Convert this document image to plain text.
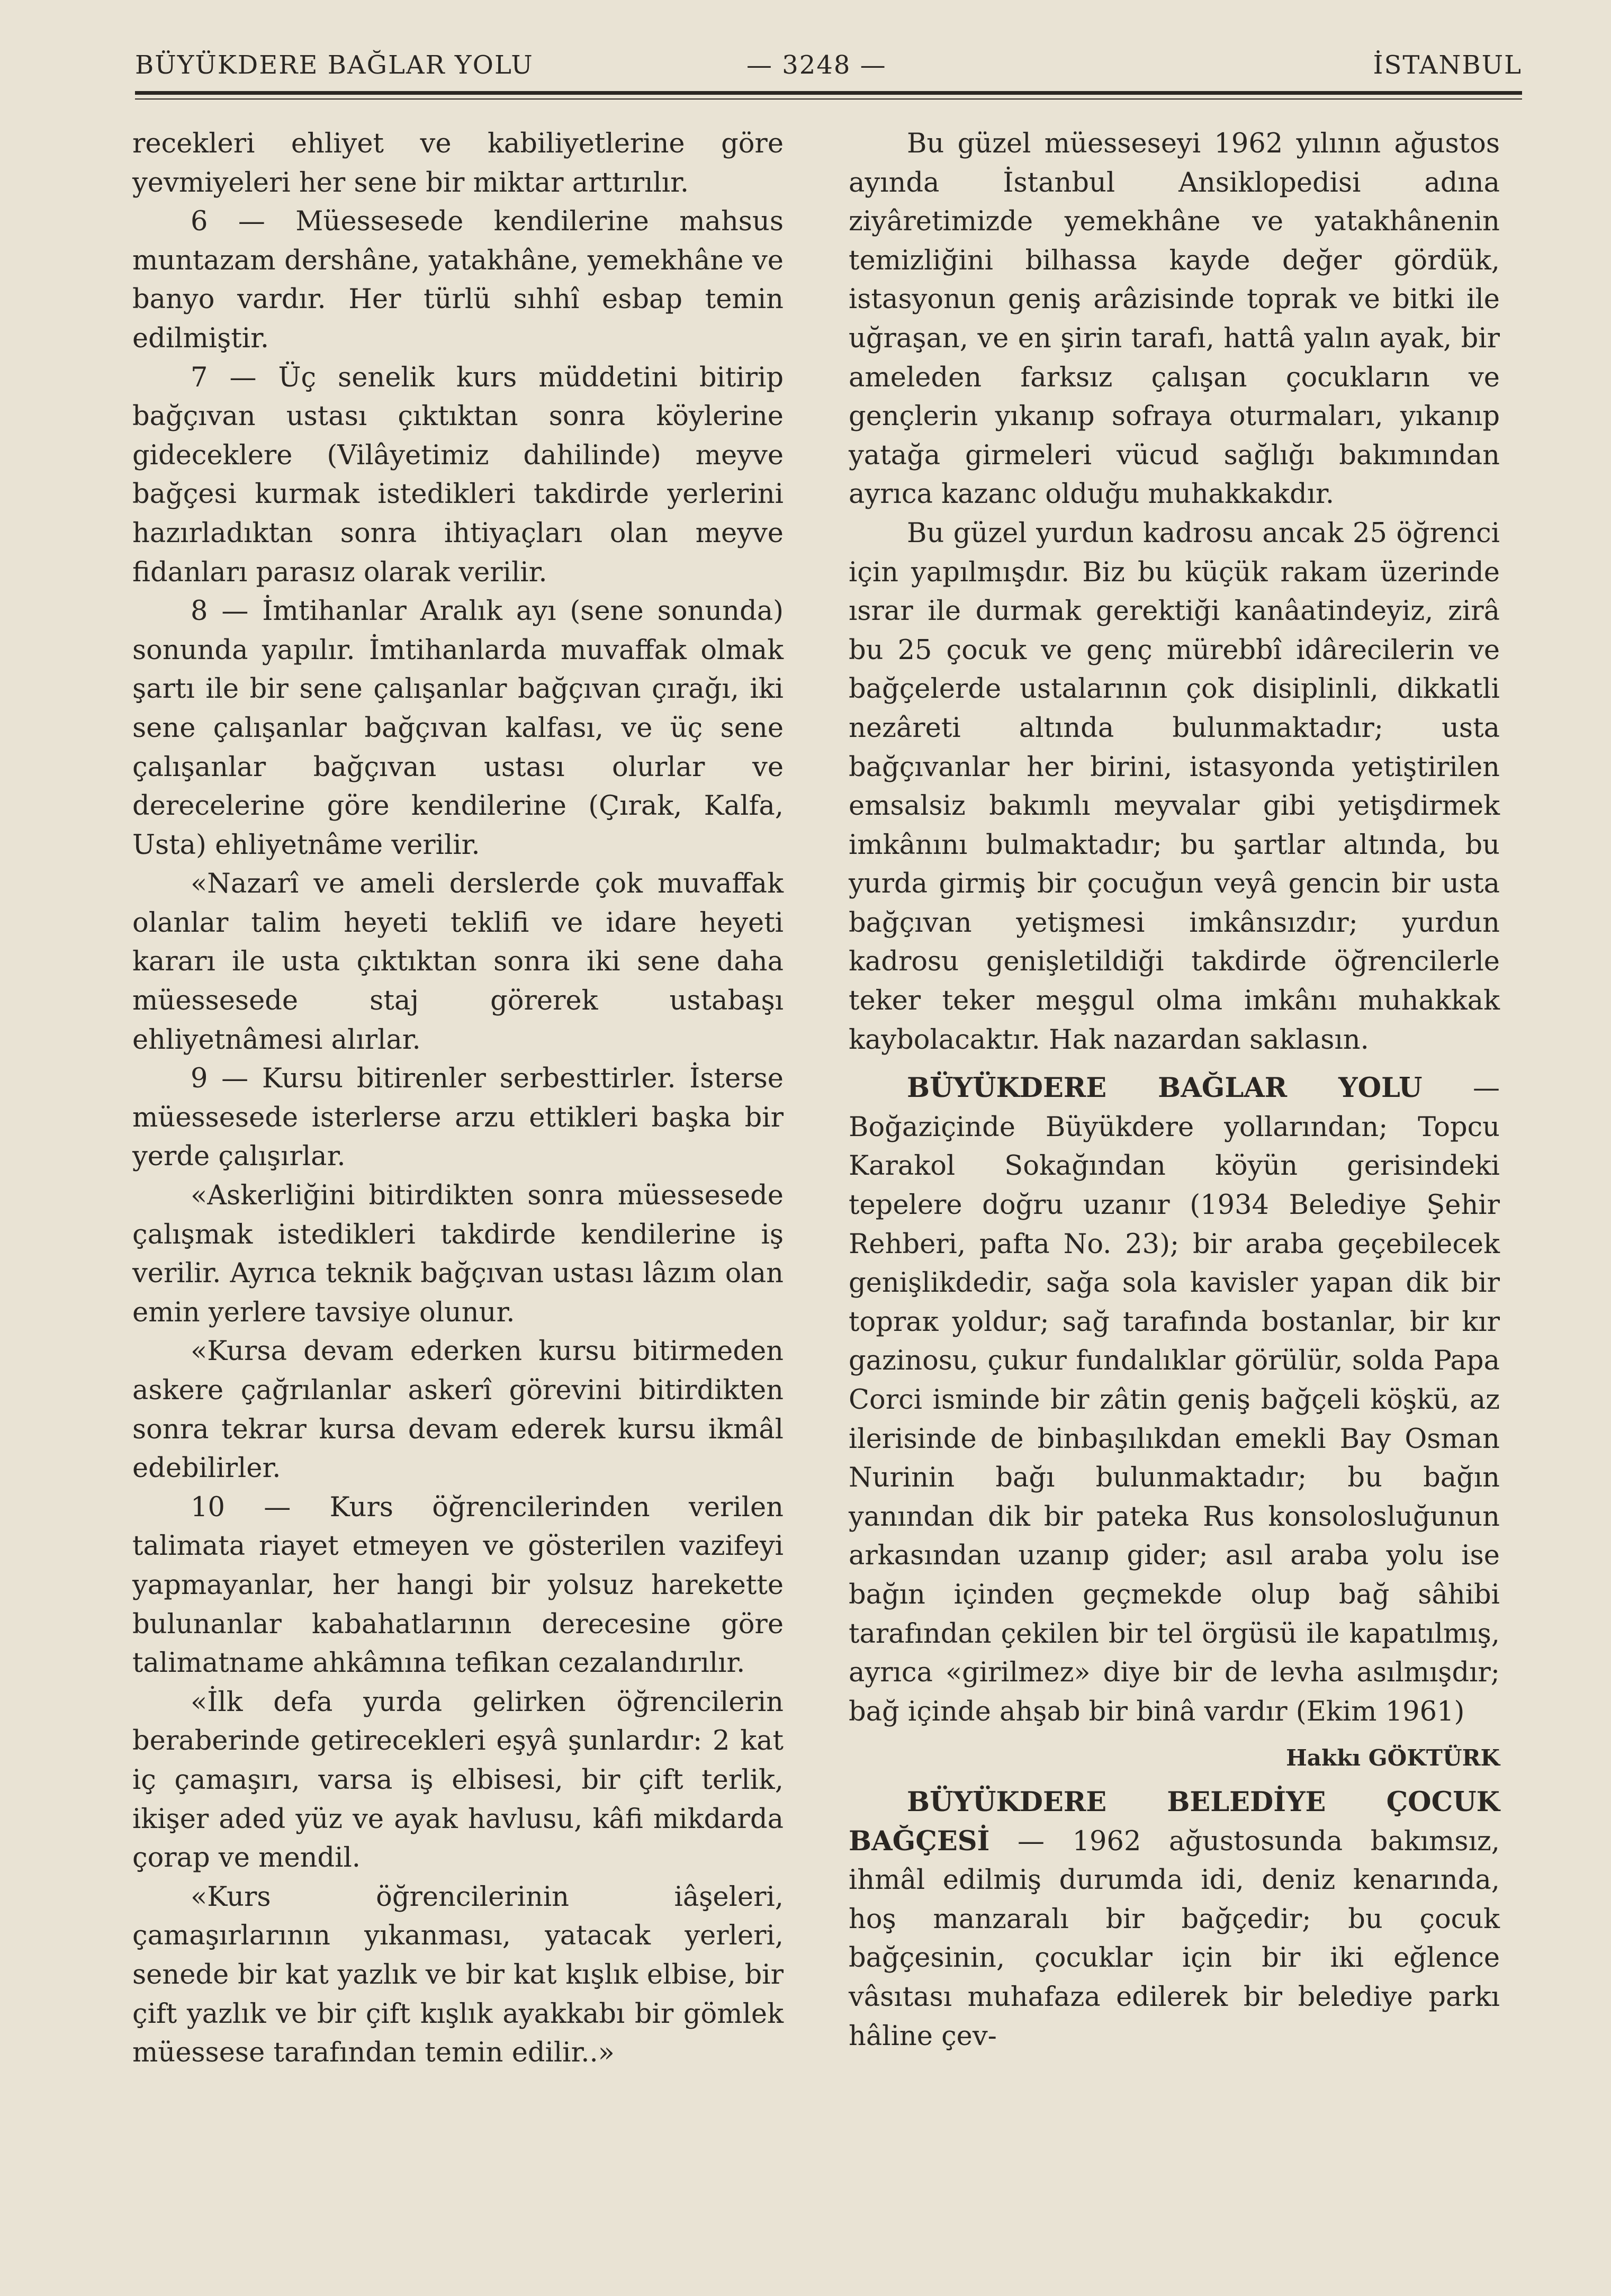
BÜYÜKDERE BAĞLAR YOLU	— 3248 —	İSTANBUL

recekleri ehliyet ve kabiliyetlerine göre yevmiyeleri her sene bir miktar arttırılır.

6 — Müessesede kendilerine mahsus muntazam dershâne, yatakhâne, yemekhâne ve banyo vardır. Her türlü sıhhî esbap temin edilmiştir.

7 — Üç senelik kurs müddetini bitirip bağçıvan ustası çıktıktan sonra köylerine gideceklere (Vilâyetimiz dahilinde) meyve bağçesi kurmak istedikleri takdirde yerlerini hazırladıktan sonra ihtiyaçları olan meyve fidanları parasız olarak verilir.

8 — İmtihanlar Aralık ayı (sene sonunda) sonunda yapılır. İmtihanlarda muvaffak olmak şartı ile bir sene çalışanlar bağçıvan çırağı, iki sene çalışanlar bağçıvan kalfası, ve üç sene çalışanlar bağçıvan ustası olurlar ve derecelerine göre kendilerine (Çırak, Kalfa, Usta) ehliyetnâme verilir.

«Nazarî ve ameli derslerde çok muvaffak olanlar talim heyeti teklifi ve idare heyeti kararı ile usta çıktıktan sonra iki sene daha müessesede staj görerek ustabaşı ehliyetnâmesi alırlar.

9 — Kursu bitirenler serbesttirler. İsterse müessesede isterlerse arzu ettikleri başka bir yerde çalışırlar.

«Askerliğini bitirdikten sonra müessesede çalışmak istedikleri takdirde kendilerine iş verilir. Ayrıca teknik bağçıvan ustası lâzım olan emin yerlere tavsiye olunur.

«Kursa devam ederken kursu bitirmeden askere çağrılanlar askerî görevini bitirdikten sonra tekrar kursa devam ederek kursu ikmâl edebilirler.

10 — Kurs öğrencilerinden verilen talimata riayet etmeyen ve gösterilen vazifeyi yapmayanlar, her hangi bir yolsuz harekette bulunanlar kabahatlarının derecesine göre talimatname ahkâmına tefikan cezalandırılır.

«İlk defa yurda gelirken öğrencilerin beraberinde getirecekleri eşyâ şunlardır: 2 kat iç çamaşırı, varsa iş elbisesi, bir çift terlik, ikişer aded yüz ve ayak havlusu, kâfi mikdarda çorap ve mendil.

«Kurs öğrencilerinin iâşeleri, çamaşırlarının yıkanması, yatacak yerleri, senede bir kat yazlık ve bir kat kışlık elbise, bir çift yazlık ve bir çift kışlık ayakkabı bir gömlek müessese tarafından temin edilir..»

Bu güzel müesseseyi 1962 yılının ağustos ayında İstanbul Ansiklopedisi adına ziyâretimizde yemekhâne ve yatakhânenin temizliğini bilhassa kayde değer gördük, istasyonun geniş arâzisinde toprak ve bitki ile uğraşan, ve en şirin tarafı, hattâ yalın ayak, bir ameleden farksız çalışan çocukların ve gençlerin yıkanıp sofraya oturmaları, yıkanıp yatağa girmeleri vücud sağlığı bakımından ayrıca kazanc olduğu muhakkakdır.

Bu güzel yurdun kadrosu ancak 25 öğrenci için yapılmışdır. Biz bu küçük rakam üzerinde ısrar ile durmak gerektiği kanâatindeyiz, zirâ bu 25 çocuk ve genç mürebbî idârecilerin ve bağçelerde ustalarının çok disiplinli, dikkatli nezâreti altında bulunmaktadır; usta bağçıvanlar her birini, istasyonda yetiştirilen emsalsiz bakımlı meyvalar gibi yetişdirmek imkânını bulmaktadır; bu şartlar altında, bu yurda girmiş bir çocuğun veyâ gencin bir usta bağçıvan yetişmesi imkânsızdır; yurdun kadrosu genişletildiği takdirde öğrencilerle teker teker meşgul olma imkânı muhakkak kaybolacaktır. Hak nazardan saklasın.

BÜYÜKDERE BAĞLAR YOLU — Boğaziçinde Büyükdere yollarından; Topcu Karakol Sokağından köyün gerisindeki tepelere doğru uzanır (1934 Belediye Şehir Rehberi, pafta No. 23); bir araba geçebilecek genişlikdedir, sağa sola kavisler yapan dik bir topraк yoldur; sağ tarafında bostanlar, bir kır gazinosu, çukur fundalıklar görülür, solda Papa Corci isminde bir zâtin geniş bağçeli köşkü, az ilerisinde de binbaşılıkdan emekli Bay Osman Nurinin bağı bulunmaktadır; bu bağın yanından dik bir pateka Rus konsolosluğunun arkasından uzanıp gider; asıl araba yolu ise bağın içinden geçmekde olup bağ sâhibi tarafından çekilen bir tel örgüsü ile kapatılmış, ayrıca «girilmez» diye bir de levha asılmışdır; bağ içinde ahşab bir binâ vardır (Ekim 1961)

Hakkı GÖKTÜRK

BÜYÜKDERE BELEDİYE ÇOCUK BAĞÇESİ — 1962 ağustosunda bakımsız, ihmâl edilmiş durumda idi, deniz kenarında, hoş manzaralı bir bağçedir; bu çocuk bağçesinin, çocuklar için bir iki eğlence vâsıtası muhafaza edilerek bir belediye parkı hâline çev-
